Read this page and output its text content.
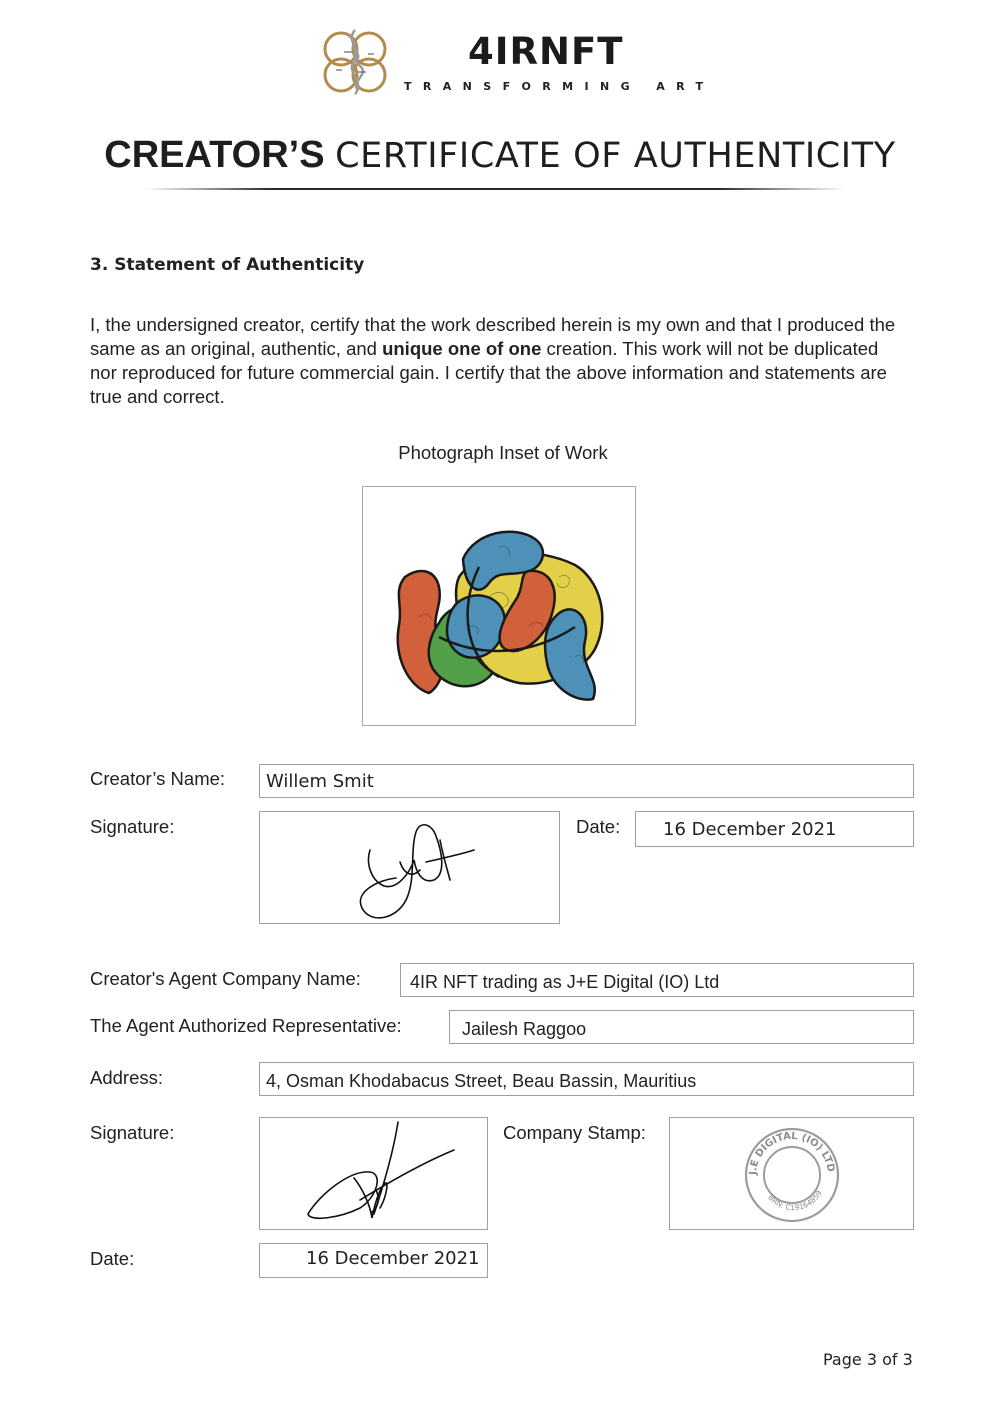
4IRNFT
TRANSFORMING ART
CREATOR’S CERTIFICATE OF AUTHENTICITY
3. Statement of Authenticity

I, the undersigned creator, certify that the work described herein is my own and that I produced the same as an original, authentic, and unique one of one creation. This work will not be duplicated nor reproduced for future commercial gain. I certify that the above information and statements are true and correct.

Photograph Inset of Work
Creator’s Name: Willem Smit
Signature:	Date: 16 December 2021
Creator's Agent Company Name:	4IR NFT trading as J+E Digital (IO) Ltd
The Agent Authorized Representative:	Jailesh Raggoo
Address:	4, Osman Khodabacus Street, Beau Bassin, Mauritius
Signature:	Company Stamp:
J.E DIGITAL (IO) LTD
BRN: C19164859
Date:	16 December 2021
Page 3 of 3
